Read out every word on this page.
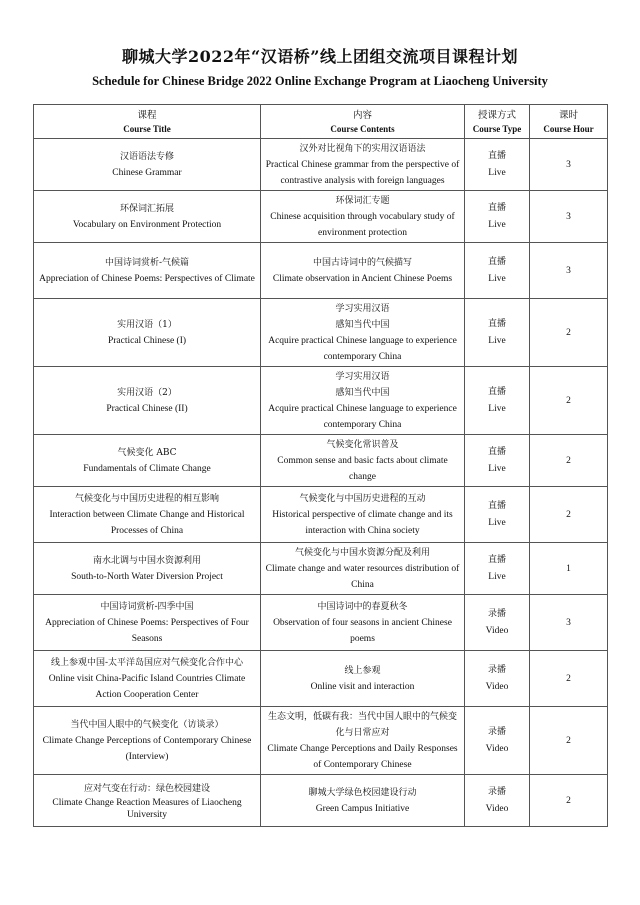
聊城大学2022年“汉语桥”线上团组交流项目课程计划
Schedule for Chinese Bridge 2022 Online Exchange Program at Liaocheng University
课程
Course Title	内容
Course Contents	授课方式
Course Type	课时
Course Hour

汉语语法专修
Chinese Grammar	汉外对比视角下的实用汉语语法
Practical Chinese grammar from the perspective of contrastive analysis with foreign languages	直播
Live	3

环保词汇拓展
Vocabulary on Environment Protection	环保词汇专题
Chinese acquisition through vocabulary study of environment protection	直播
Live	3

中国诗词赏析-气候篇
Appreciation of Chinese Poems: Perspectives of Climate	中国古诗词中的气候描写
Climate observation in Ancient Chinese Poems	直播
Live	3

实用汉语（1）
Practical Chinese (I)	学习实用汉语
感知当代中国
Acquire practical Chinese language to experience contemporary China	直播
Live	2

实用汉语（2）
Practical Chinese (II)	学习实用汉语
感知当代中国
Acquire practical Chinese language to experience contemporary China	直播
Live	2

气候变化 ABC
Fundamentals of Climate Change	气候变化常识普及
Common sense and basic facts about climate change	直播
Live	2

气候变化与中国历史进程的相互影响
Interaction between Climate Change and Historical Processes of China	气候变化与中国历史进程的互动
Historical perspective of climate change and its interaction with China society	直播
Live	2

南水北调与中国水资源利用
South-to-North Water Diversion Project	气候变化与中国水资源分配及利用
Climate change and water resources distribution of China	直播
Live	1

中国诗词赏析-四季中国
Appreciation of Chinese Poems: Perspectives of Four Seasons	中国诗词中的春夏秋冬
Observation of four seasons in ancient Chinese poems	录播
Video	3

线上参观中国-太平洋岛国应对气候变化合作中心
Online visit China-Pacific Island Countries Climate Action Cooperation Center	线上参观
Online visit and interaction	录播
Video	2

当代中国人眼中的气候变化（访谈录）
Climate Change Perceptions of Contemporary Chinese (Interview)	生态文明，低碳有我：当代中国人眼中的气候变化与日常应对
Climate Change Perceptions and Daily Responses of Contemporary Chinese	录播
Video	2

应对气变在行动：绿色校园建设
Climate Change Reaction Measures of Liaocheng University	聊城大学绿色校园建设行动
Green Campus Initiative	录播
Video	2
